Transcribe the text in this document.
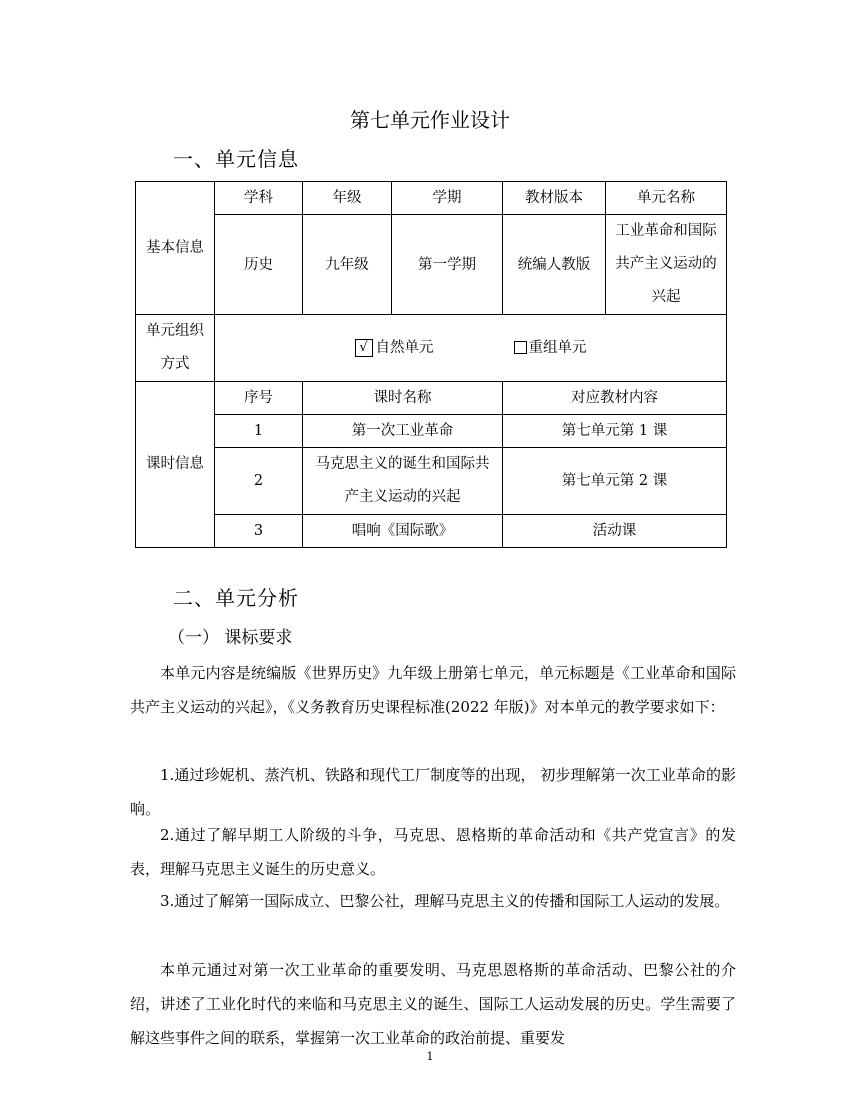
第七单元作业设计
一、单元信息
基本信息	学科	年级	学期	教材版本	单元名称
	历史	九年级	第一学期	统编人教版	工业革命和国际共产主义运动的兴起
单元组织方式	√ 自然单元 重组单元				

课时信息	序号	课时名称		对应教材内容	
	1	第一次工业革命		第七单元第 1 课	
	2	马克思主义的诞生和国际共产主义运动的兴起		第七单元第 2 课	
	3	唱响《国际歌》		活动课	
二、单元分析
（一） 课标要求

本单元内容是统编版《世界历史》九年级上册第七单元，单元标题是《工业革命和国际共产主义运动的兴起》，《义务教育历史课程标准(2022 年版)》对本单元的教学要求如下：

1.通过珍妮机、蒸汽机、铁路和现代工厂制度等的出现， 初步理解第一次工业革命的影响。

2.通过了解早期工人阶级的斗争，马克思、恩格斯的革命活动和《共产党宣言》的发表，理解马克思主义诞生的历史意义。

3.通过了解第一国际成立、巴黎公社，理解马克思主义的传播和国际工人运动的发展。

本单元通过对第一次工业革命的重要发明、马克思恩格斯的革命活动、巴黎公社的介绍，讲述了工业化时代的来临和马克思主义的诞生、国际工人运动发展的历史。学生需要了解这些事件之间的联系，掌握第一次工业革命的政治前提、重要发

1
